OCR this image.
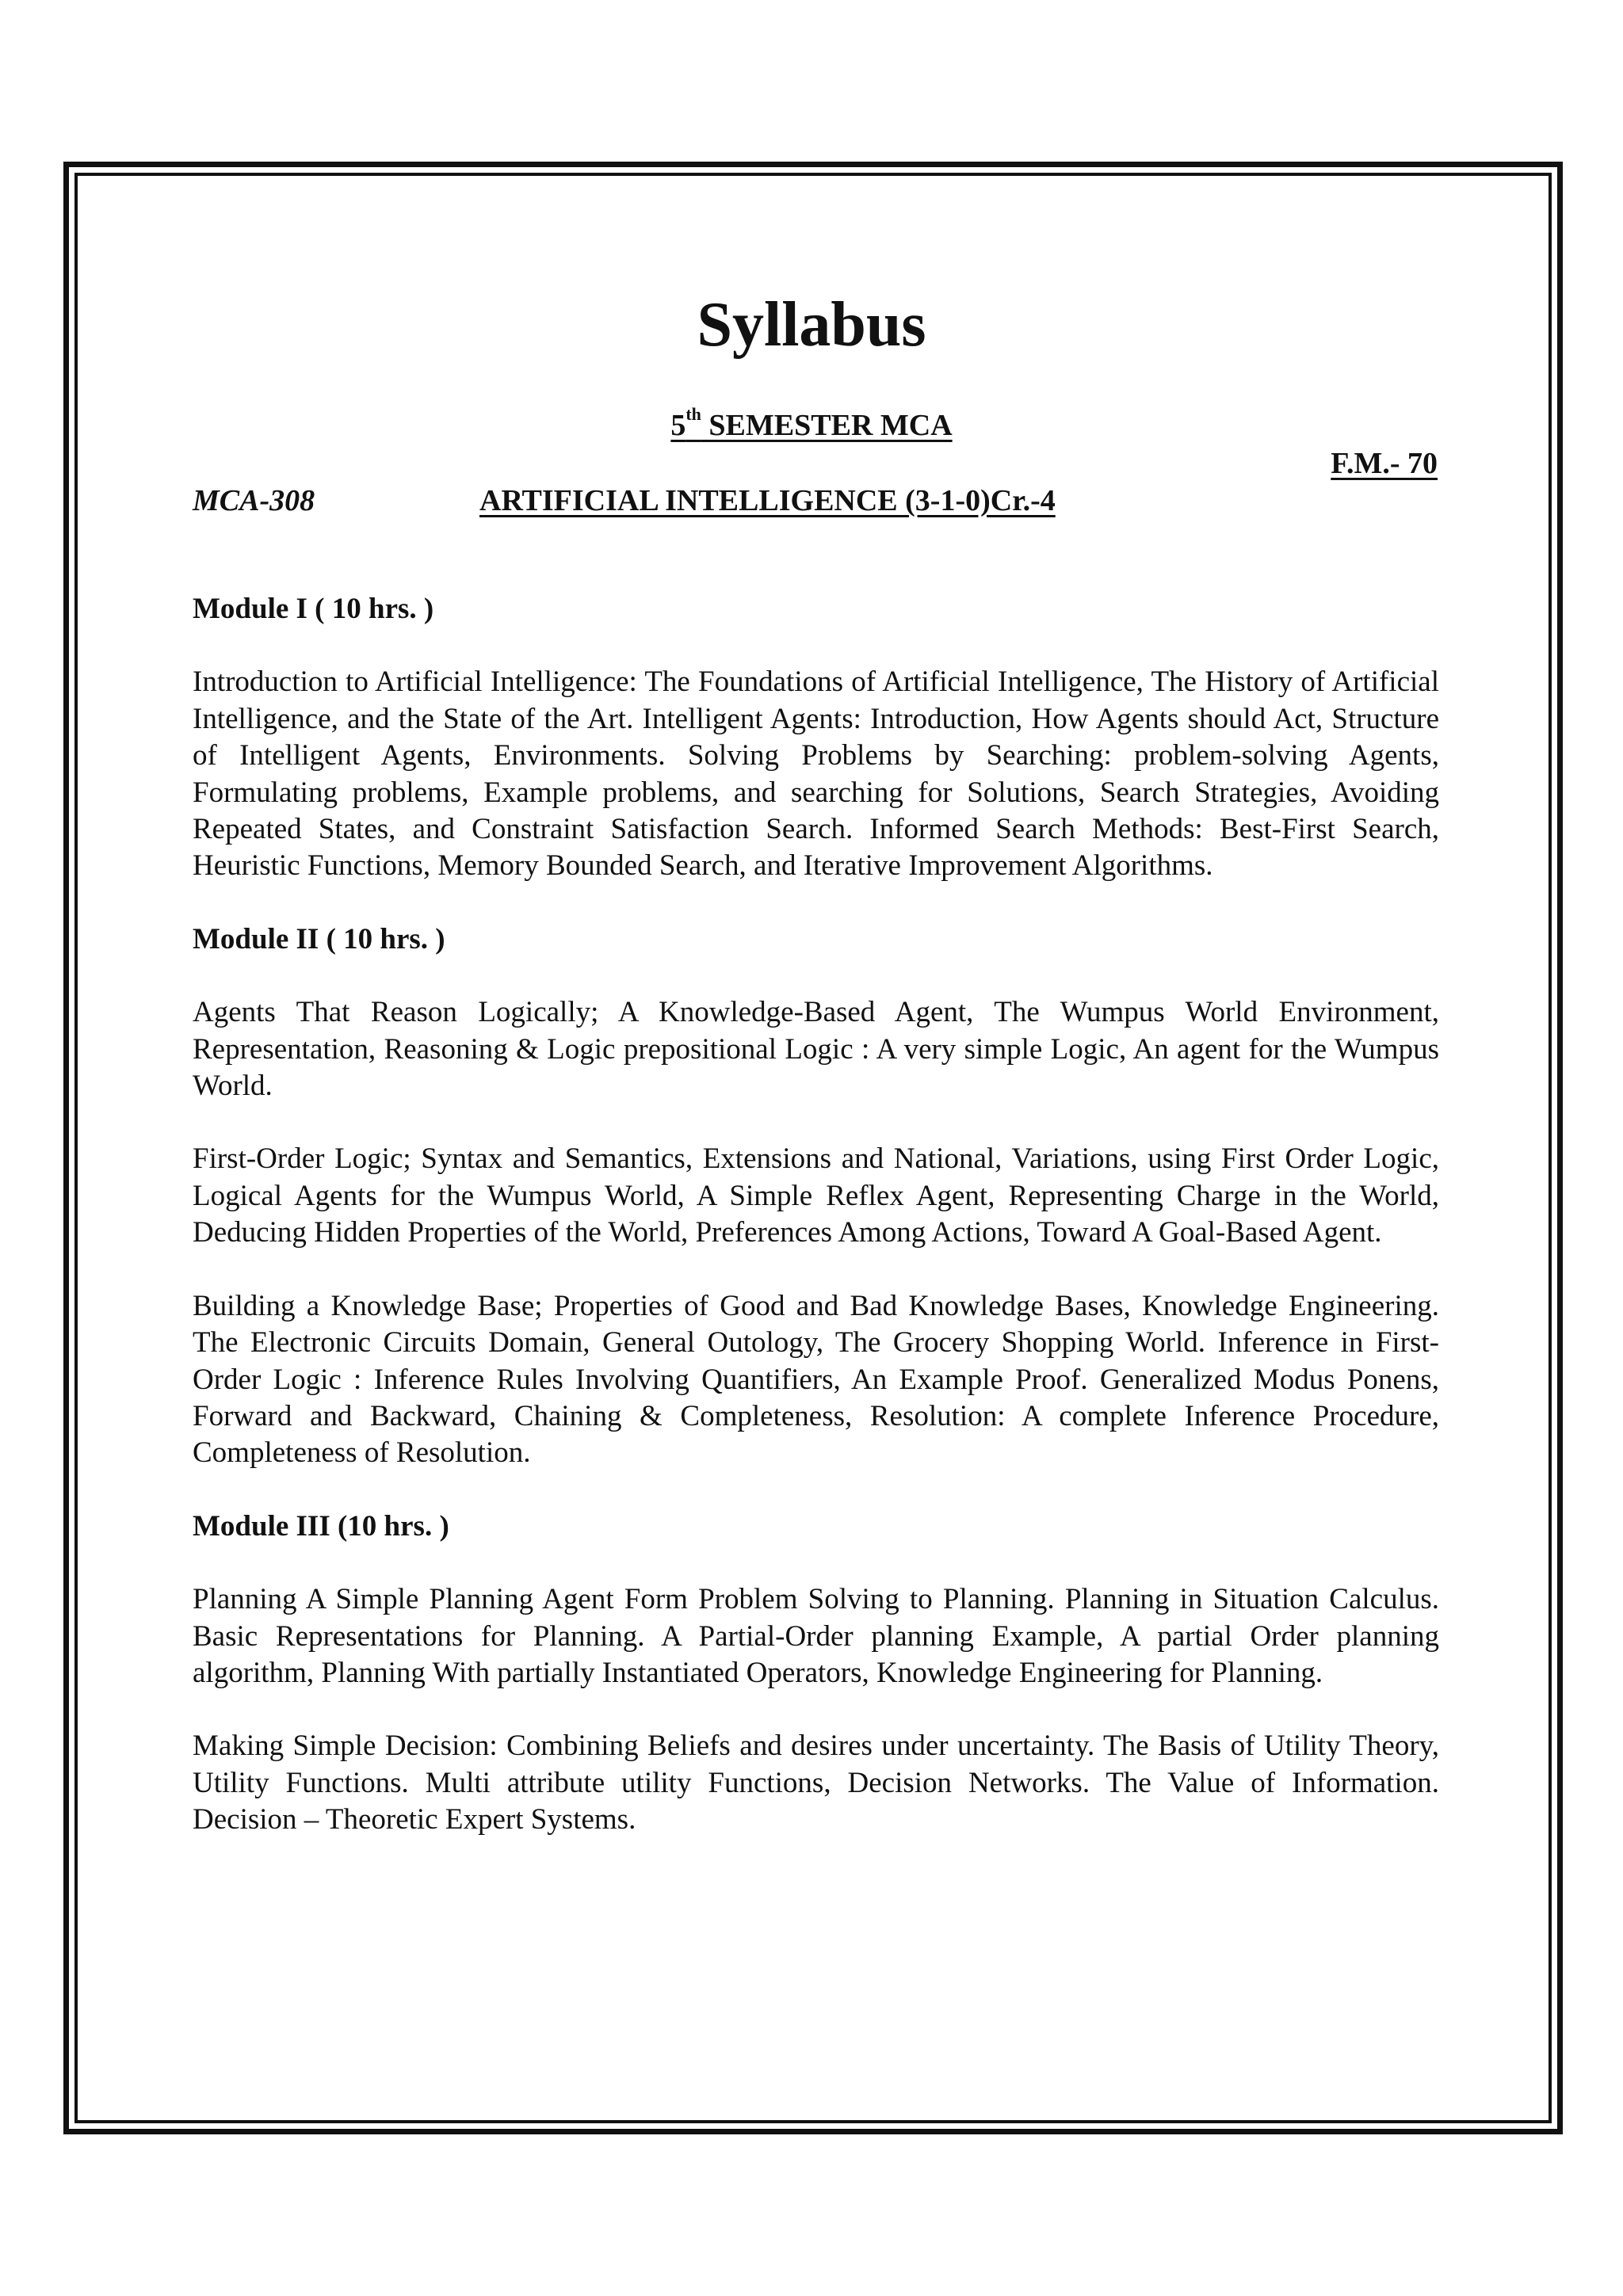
Syllabus
5th SEMESTER MCA
F.M.- 70
MCA-308	ARTIFICIAL INTELLIGENCE (3-1-0)Cr.-4

Module I ( 10 hrs. )

Introduction to Artificial Intelligence: The Foundations of Artificial Intelligence, The History of Artificial Intelligence, and the State of the Art. Intelligent Agents: Introduction, How Agents should Act, Structure of Intelligent Agents, Environments. Solving Problems by Searching: problem-solving Agents, Formulating problems, Example problems, and searching for Solutions, Search Strategies, Avoiding Repeated States, and Constraint Satisfaction Search. Informed Search Methods: Best-First Search, Heuristic Functions, Memory Bounded Search, and Iterative Improvement Algorithms.

Module II ( 10 hrs. )

Agents That Reason Logically; A Knowledge-Based Agent, The Wumpus World Environment, Representation, Reasoning & Logic prepositional Logic : A very simple Logic, An agent for the Wumpus World.

First-Order Logic; Syntax and Semantics, Extensions and National, Variations, using First Order Logic, Logical Agents for the Wumpus World, A Simple Reflex Agent, Representing Charge in the World, Deducing Hidden Properties of the World, Preferences Among Actions, Toward A Goal-Based Agent.

Building a Knowledge Base; Properties of Good and Bad Knowledge Bases, Knowledge Engineering. The Electronic Circuits Domain, General Outology, The Grocery Shopping World. Inference in First-Order Logic : Inference Rules Involving Quantifiers, An Example Proof. Generalized Modus Ponens, Forward and Backward, Chaining & Completeness, Resolution: A complete Inference Procedure, Completeness of Resolution.

Module III (10 hrs. )

Planning A Simple Planning Agent Form Problem Solving to Planning. Planning in Situation Calculus. Basic Representations for Planning. A Partial-Order planning Example, A partial Order planning algorithm, Planning With partially Instantiated Operators, Knowledge Engineering for Planning.

Making Simple Decision: Combining Beliefs and desires under uncertainty. The Basis of Utility Theory, Utility Functions. Multi attribute utility Functions, Decision Networks. The Value of Information. Decision – Theoretic Expert Systems.
